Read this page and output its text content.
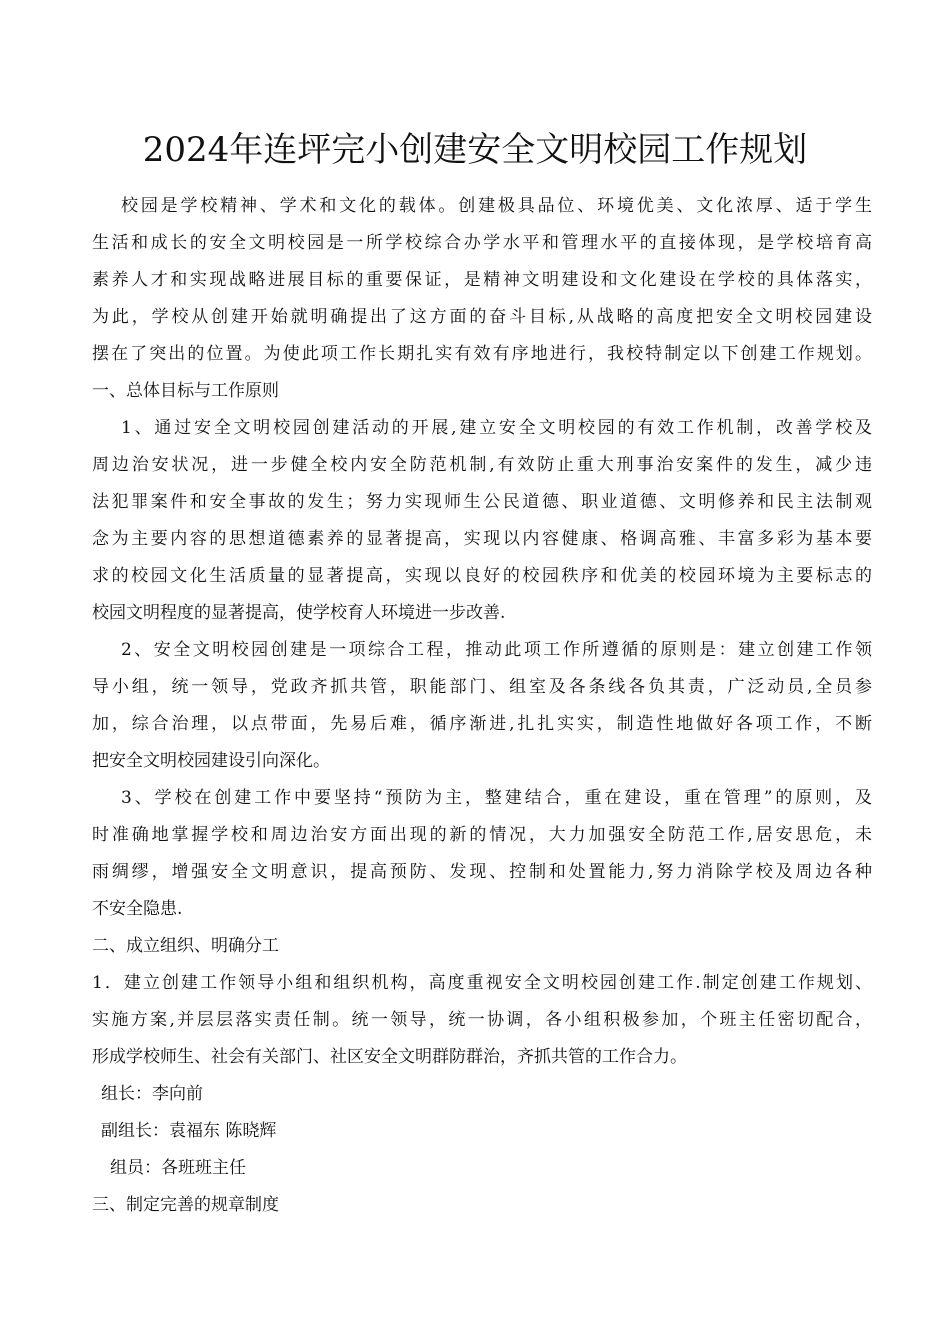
2024年连坪完小创建安全文明校园工作规划
校园是学校精神、学术和文化的载体。创建极具品位、环境优美、文化浓厚、适于学生
生活和成长的安全文明校园是一所学校综合办学水平和管理水平的直接体现，是学校培育高
素养人才和实现战略进展目标的重要保证，是精神文明建设和文化建设在学校的具体落实，
为此，学校从创建开始就明确提出了这方面的奋斗目标,从战略的高度把安全文明校园建设
摆在了突出的位置。为使此项工作长期扎实有效有序地进行，我校特制定以下创建工作规划。
一、总体目标与工作原则
1、通过安全文明校园创建活动的开展,建立安全文明校园的有效工作机制，改善学校及
周边治安状况，进一步健全校内安全防范机制,有效防止重大刑事治安案件的发生，减少违
法犯罪案件和安全事故的发生；努力实现师生公民道德、职业道德、文明修养和民主法制观
念为主要内容的思想道德素养的显著提高，实现以内容健康、格调高雅、丰富多彩为基本要
求的校园文化生活质量的显著提高，实现以良好的校园秩序和优美的校园环境为主要标志的
校园文明程度的显著提高，使学校育人环境进一步改善.
2、安全文明校园创建是一项综合工程，推动此项工作所遵循的原则是：建立创建工作领
导小组，统一领导，党政齐抓共管，职能部门、组室及各条线各负其责，广泛动员,全员参
加，综合治理，以点带面，先易后难，循序渐进,扎扎实实，制造性地做好各项工作，不断
把安全文明校园建设引向深化。
3、学校在创建工作中要坚持“预防为主，整建结合，重在建设，重在管理”的原则，及
时准确地掌握学校和周边治安方面出现的新的情况，大力加强安全防范工作,居安思危，未
雨绸缪，增强安全文明意识，提高预防、发现、控制和处置能力,努力消除学校及周边各种
不安全隐患.
二、成立组织、明确分工
1．建立创建工作领导小组和组织机构，高度重视安全文明校园创建工作.制定创建工作规划、
实施方案,并层层落实责任制。统一领导，统一协调，各小组积极参加，个班主任密切配合，
形成学校师生、社会有关部门、社区安全文明群防群治，齐抓共管的工作合力。
组长：李向前
副组长：袁福东 陈晓辉
组员：各班班主任
三、制定完善的规章制度
